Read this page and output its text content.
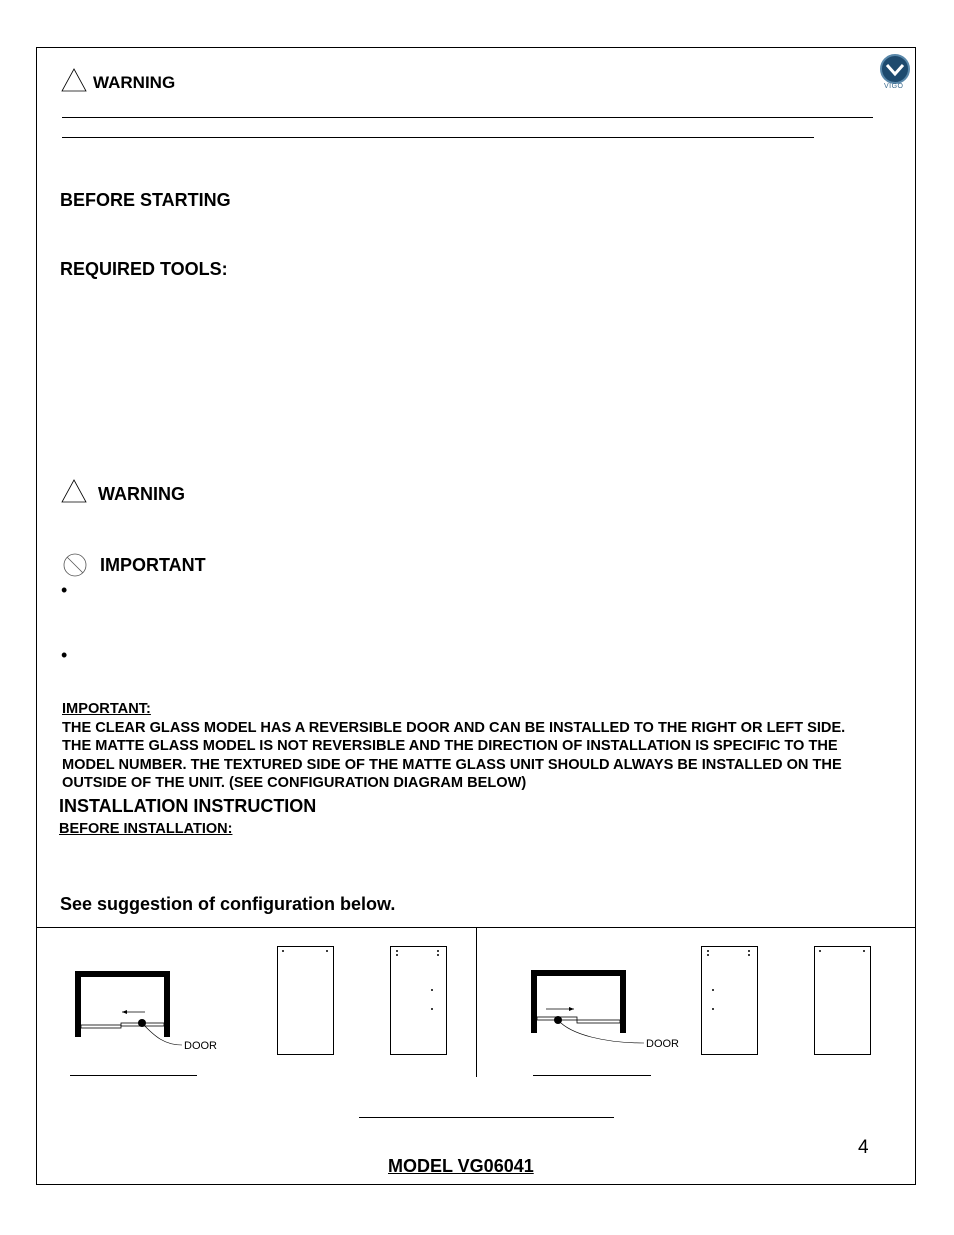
WARNING	VIGO
BEFORE STARTING
REQUIRED TOOLS:
WARNING
IMPORTANT
•
•
IMPORTANT:
THE CLEAR GLASS MODEL HAS A REVERSIBLE DOOR AND CAN BE INSTALLED TO THE RIGHT OR LEFT SIDE.
THE MATTE GLASS MODEL IS NOT REVERSIBLE AND THE DIRECTION OF INSTALLATION IS SPECIFIC TO THE
MODEL NUMBER. THE TEXTURED SIDE OF THE MATTE GLASS UNIT SHOULD ALWAYS BE INSTALLED ON THE
OUTSIDE OF THE UNIT. (SEE CONFIGURATION DIAGRAM BELOW)
INSTALLATION INSTRUCTION
BEFORE INSTALLATION:
See suggestion of configuration below.
DOOR	DOOR
4
MODEL VG06041
